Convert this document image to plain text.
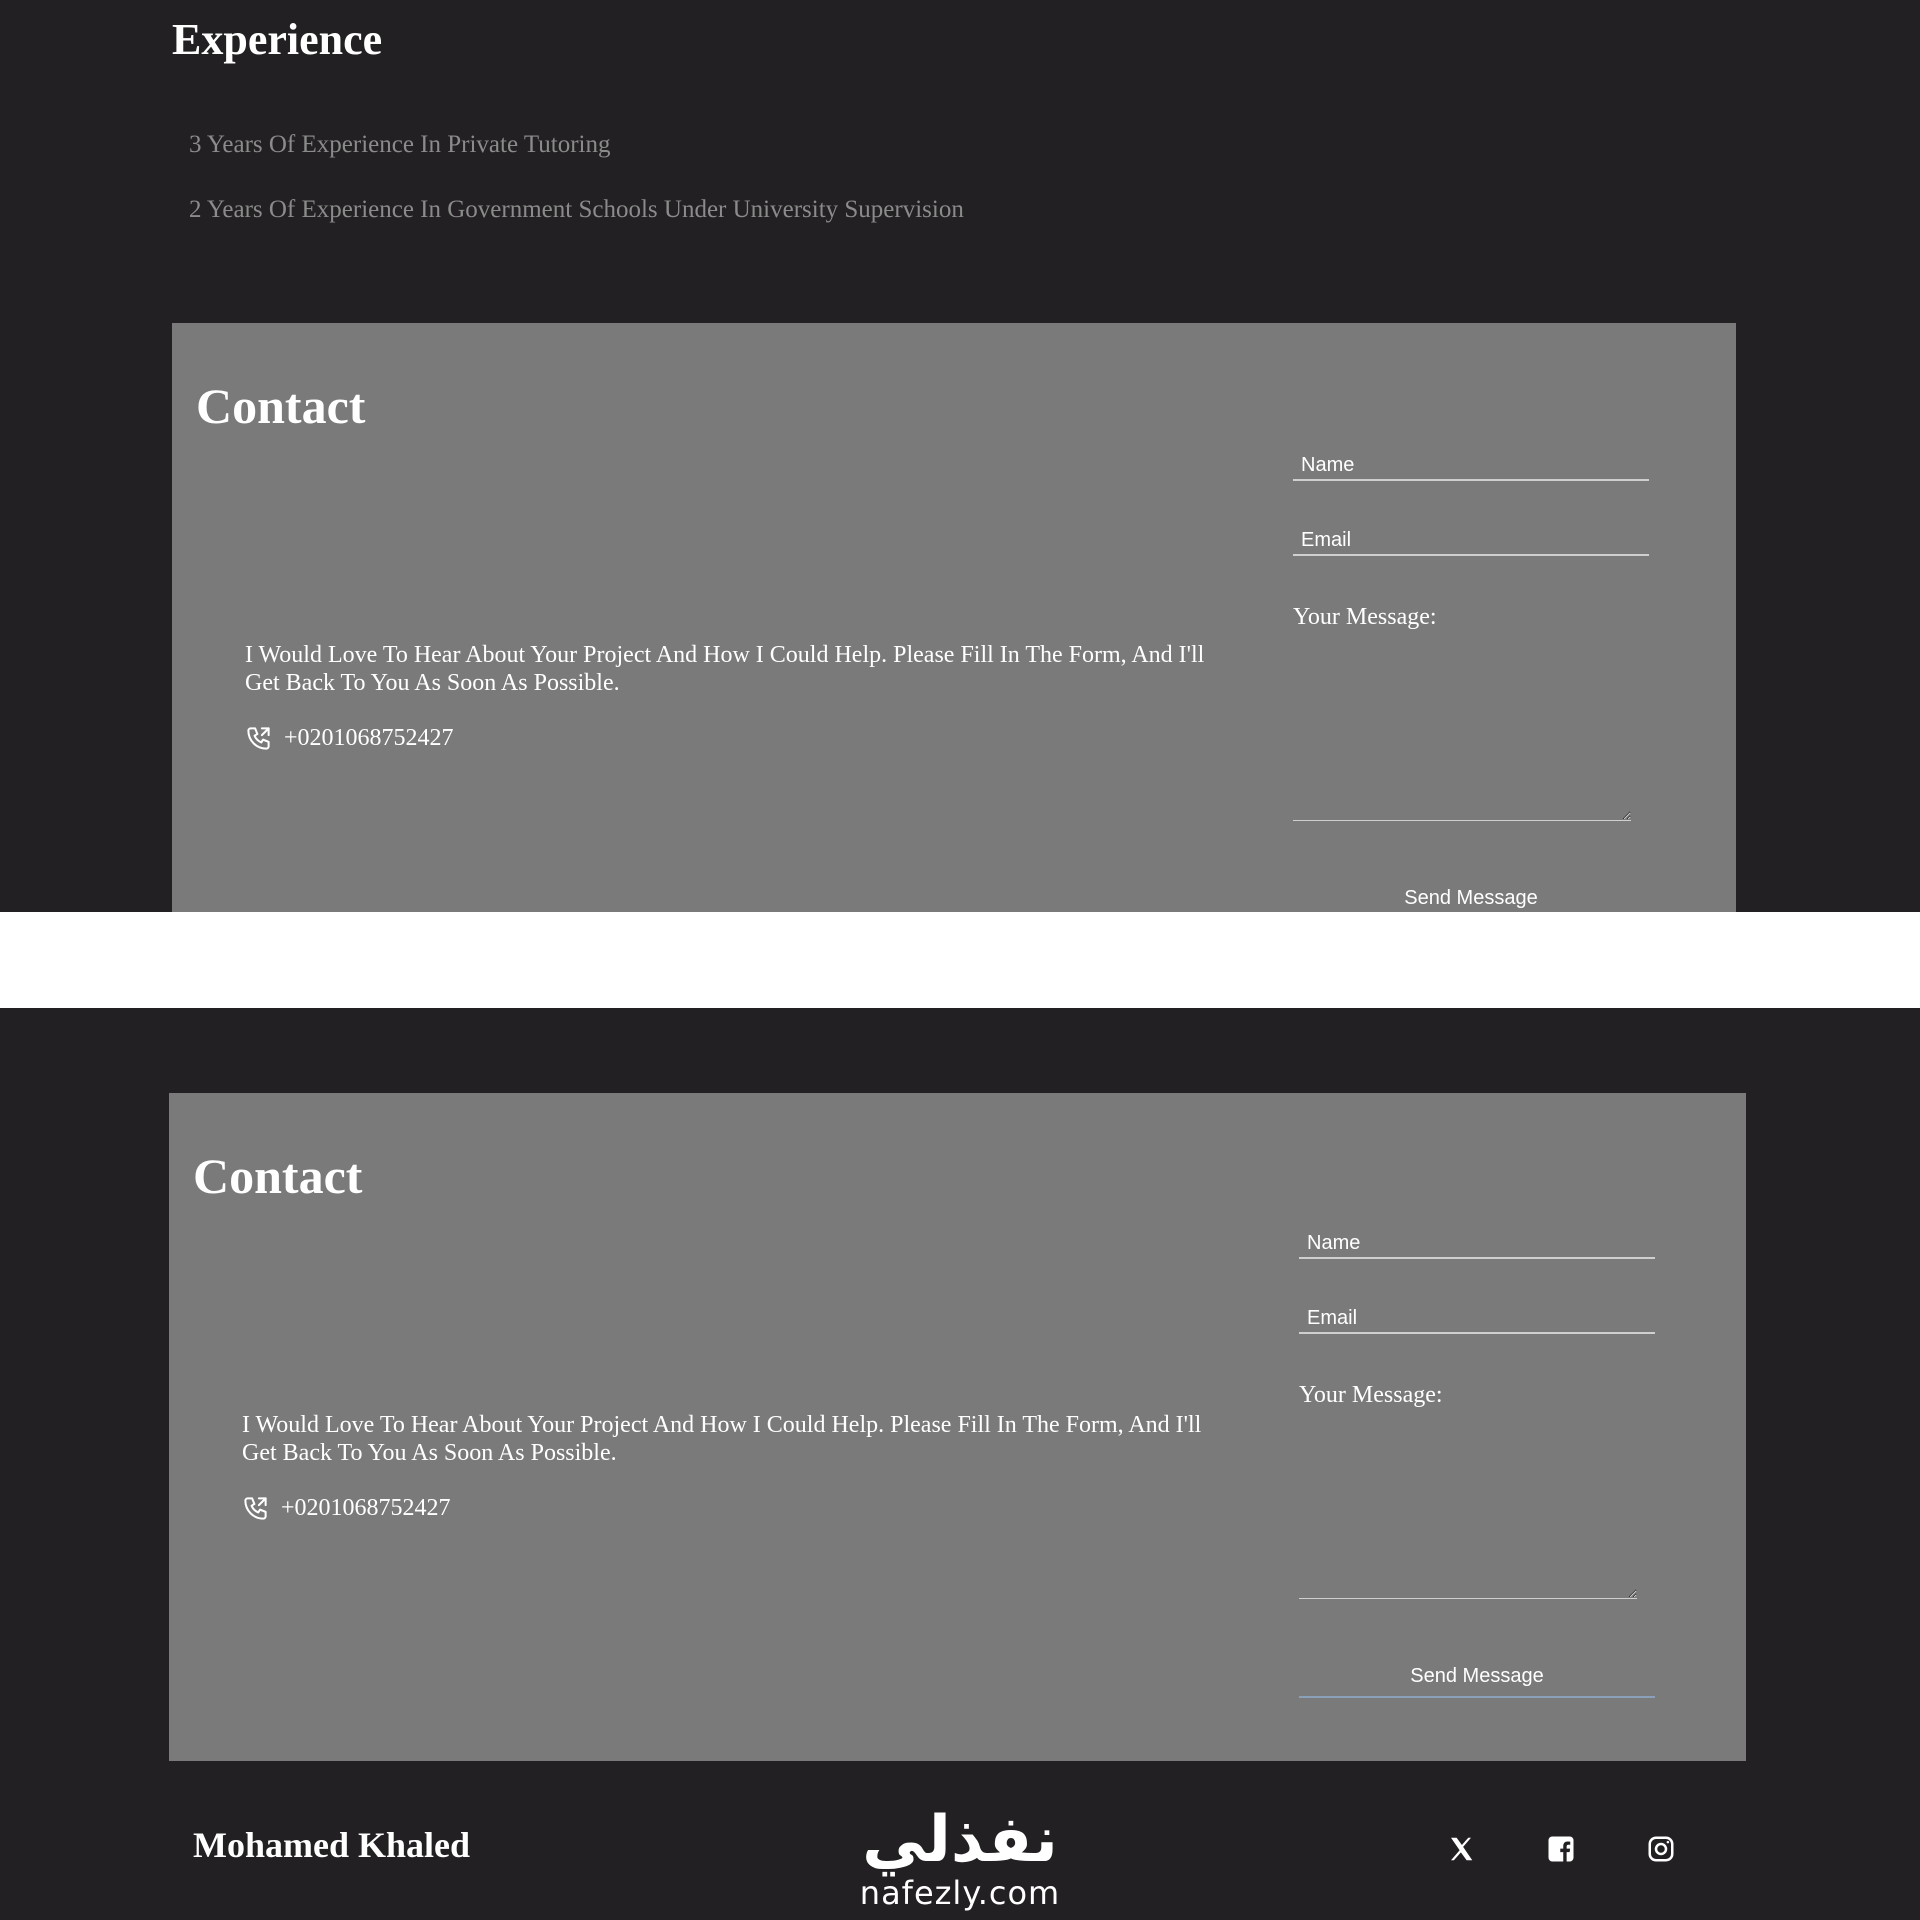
Experience
3 Years Of Experience In Private Tutoring
2 Years Of Experience In Government Schools Under University Supervision
Contact

I Would Love To Hear About Your Project And How I Could Help. Please Fill In The Form, And I'll Get Back To You As Soon As Possible.

+0201068752427
Name
Email
Your Message:
Send Message
Contact

I Would Love To Hear About Your Project And How I Could Help. Please Fill In The Form, And I'll Get Back To You As Soon As Possible.

+0201068752427
Name
Email
Your Message:
Send Message
Mohamed Khaled	نفذلي
nafezly.com
